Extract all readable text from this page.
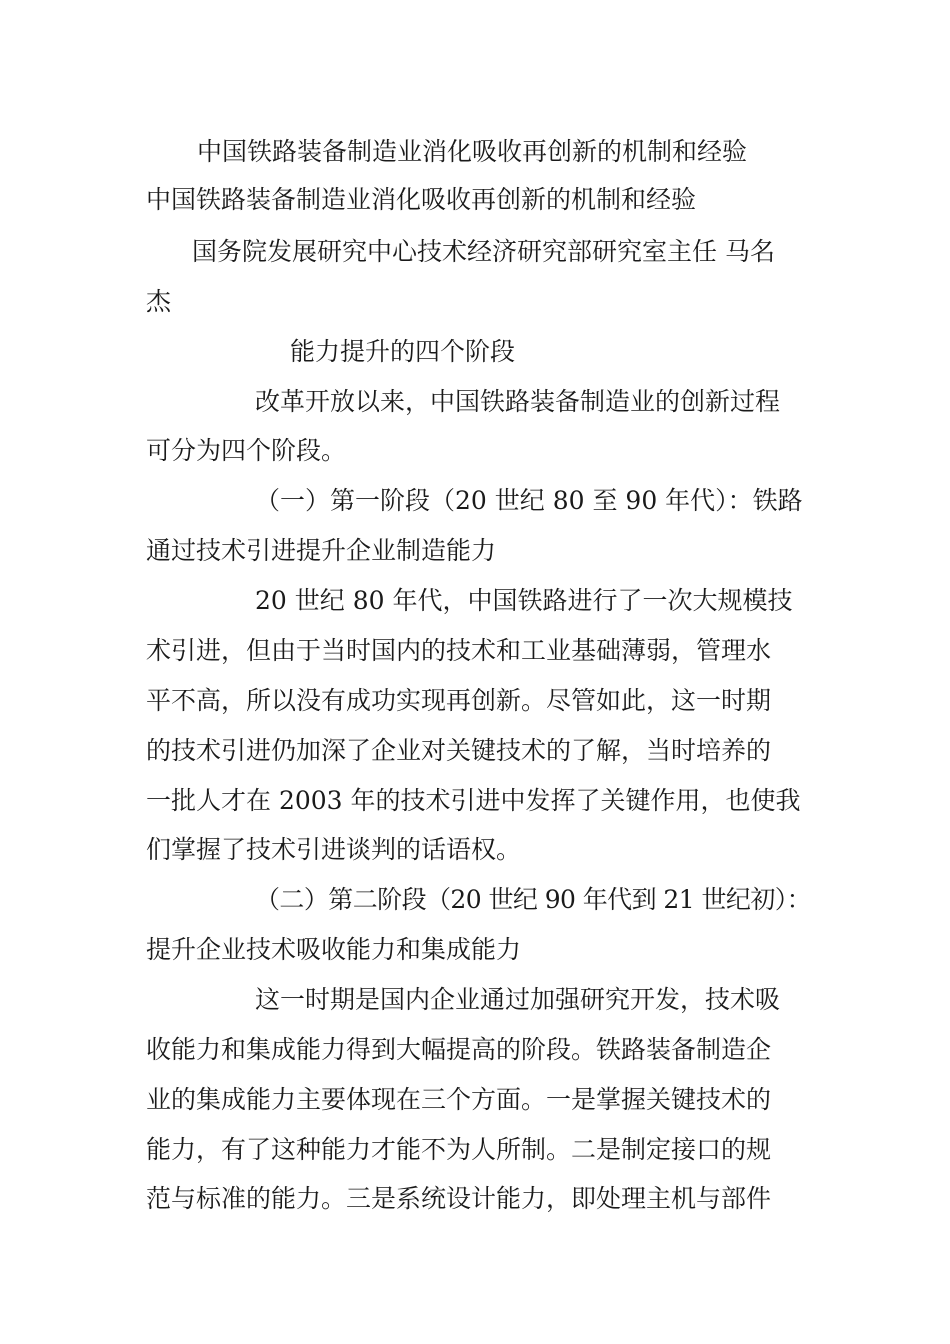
中国铁路装备制造业消化吸收再创新的机制和经验
中国铁路装备制造业消化吸收再创新的机制和经验
国务院发展研究中心技术经济研究部研究室主任 马名
杰
能力提升的四个阶段
改革开放以来，中国铁路装备制造业的创新过程
可分为四个阶段。
（一）第一阶段（20 世纪 80 至 90 年代）：铁路
通过技术引进提升企业制造能力
20 世纪 80 年代，中国铁路进行了一次大规模技
术引进，但由于当时国内的技术和工业基础薄弱，管理水
平不高，所以没有成功实现再创新。尽管如此，这一时期
的技术引进仍加深了企业对关键技术的了解，当时培养的
一批人才在 2003 年的技术引进中发挥了关键作用，也使我
们掌握了技术引进谈判的话语权。
（二）第二阶段（20 世纪 90 年代到 21 世纪初）：
提升企业技术吸收能力和集成能力
这一时期是国内企业通过加强研究开发，技术吸
收能力和集成能力得到大幅提高的阶段。铁路装备制造企
业的集成能力主要体现在三个方面。一是掌握关键技术的
能力，有了这种能力才能不为人所制。二是制定接口的规
范与标准的能力。三是系统设计能力，即处理主机与部件
